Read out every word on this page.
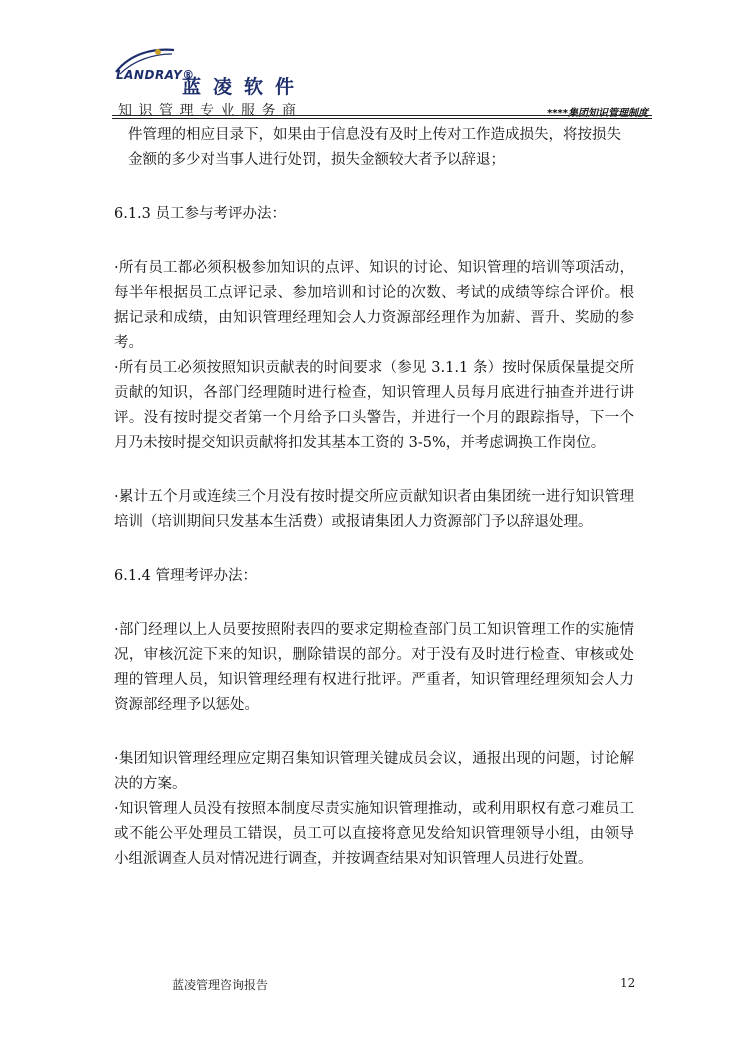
LANDRAY®
蓝凌软件
知识管理专业服务商	****集团知识管理制度

件管理的相应目录下，如果由于信息没有及时上传对工作造成损失，将按损失

金额的多少对当事人进行处罚，损失金额较大者予以辞退；

6.1.3 员工参与考评办法：

·所有员工都必须积极参加知识的点评、知识的讨论、知识管理的培训等项活动，每半年根据员工点评记录、参加培训和讨论的次数、考试的成绩等综合评价。根据记录和成绩，由知识管理经理知会人力资源部经理作为加薪、晋升、奖励的参考。

·所有员工必须按照知识贡献表的时间要求（参见 3.1.1 条）按时保质保量提交所贡献的知识，各部门经理随时进行检查，知识管理人员每月底进行抽查并进行讲评。没有按时提交者第一个月给予口头警告，并进行一个月的跟踪指导，下一个月乃未按时提交知识贡献将扣发其基本工资的 3-5%，并考虑调换工作岗位。

·累计五个月或连续三个月没有按时提交所应贡献知识者由集团统一进行知识管理培训（培训期间只发基本生活费）或报请集团人力资源部门予以辞退处理。

6.1.4 管理考评办法：

·部门经理以上人员要按照附表四的要求定期检查部门员工知识管理工作的实施情况，审核沉淀下来的知识，删除错误的部分。对于没有及时进行检查、审核或处理的管理人员，知识管理经理有权进行批评。严重者，知识管理经理须知会人力资源部经理予以惩处。

·集团知识管理经理应定期召集知识管理关键成员会议，通报出现的问题，讨论解决的方案。

·知识管理人员没有按照本制度尽责实施知识管理推动，或利用职权有意刁难员工或不能公平处理员工错误，员工可以直接将意见发给知识管理领导小组，由领导小组派调查人员对情况进行调查，并按调查结果对知识管理人员进行处置。

蓝凌管理咨询报告	12
